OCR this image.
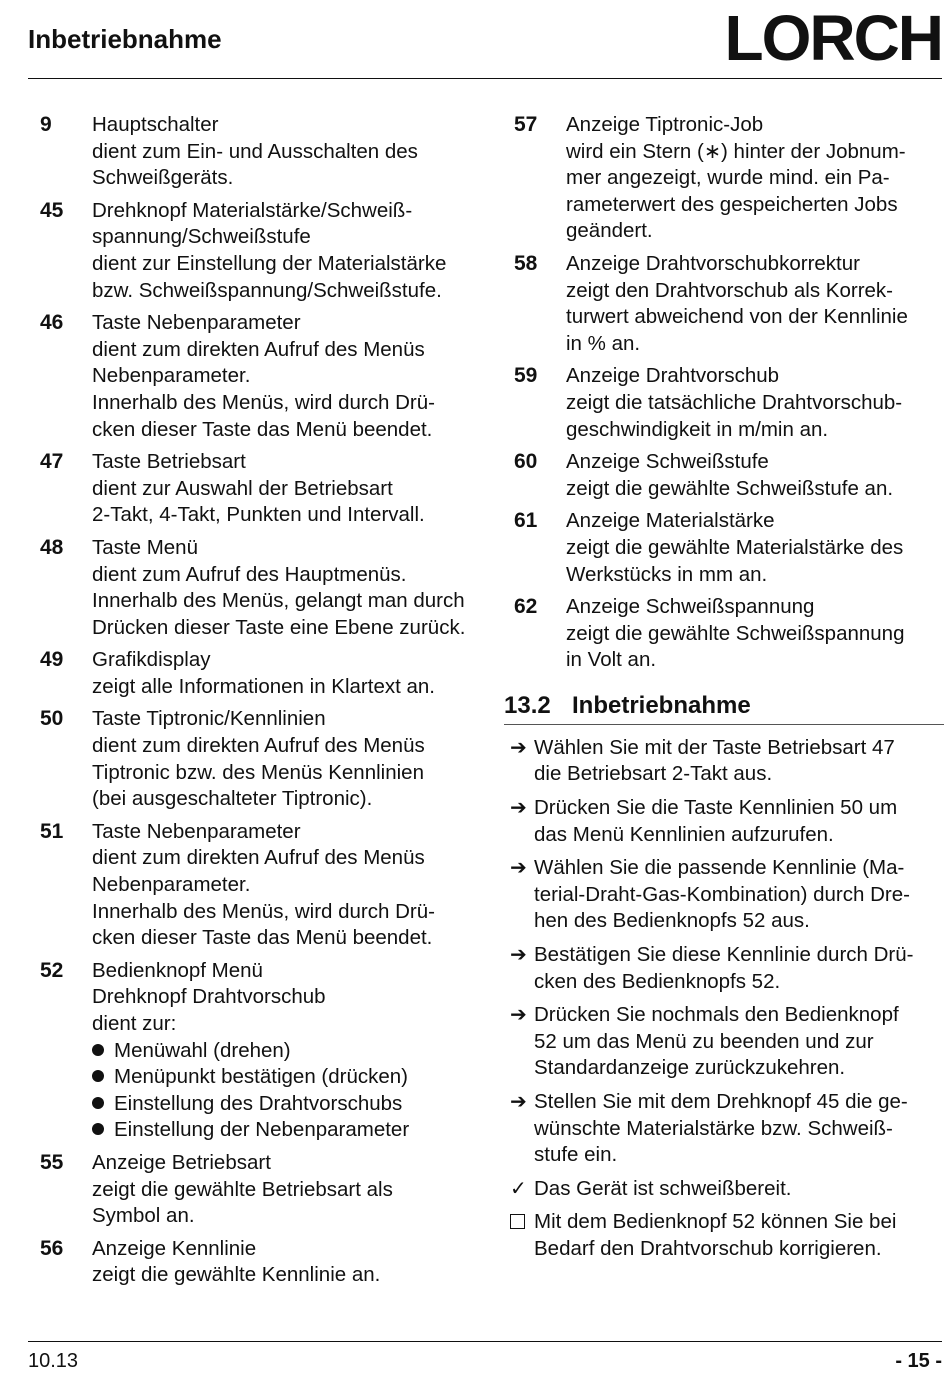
Inbetriebnahme	LORCH
9	Hauptschalter
dient zum Ein- und Ausschalten des
Schweißgeräts.
45	Drehknopf Materialstärke/Schweiß-
spannung/Schweißstufe
dient zur Einstellung der Materialstärke
bzw. Schweißspannung/Schweißstufe.
46	Taste Nebenparameter
dient zum direkten Aufruf des Menüs
Nebenparameter.
Innerhalb des Menüs, wird durch Drü-
cken dieser Taste das Menü beendet.
47	Taste Betriebsart
dient zur Auswahl der Betriebsart
2-Takt, 4-Takt, Punkten und Intervall.
48	Taste Menü
dient zum Aufruf des Hauptmenüs.
Innerhalb des Menüs, gelangt man durch
Drücken dieser Taste eine Ebene zurück.
49	Grafikdisplay
zeigt alle Informationen in Klartext an.
50	Taste Tiptronic/Kennlinien
dient zum direkten Aufruf des Menüs
Tiptronic bzw. des Menüs Kennlinien
(bei ausgeschalteter Tiptronic).
51	Taste Nebenparameter
dient zum direkten Aufruf des Menüs
Nebenparameter.
Innerhalb des Menüs, wird durch Drü-
cken dieser Taste das Menü beendet.
52	Bedienknopf Menü
Drehknopf Drahtvorschub
dient zur:
Menüwahl (drehen)
Menüpunkt bestätigen (drücken)
Einstellung des Drahtvorschubs
Einstellung der Nebenparameter
55	Anzeige Betriebsart
zeigt die gewählte Betriebsart als
Symbol an.
56	Anzeige Kennlinie
zeigt die gewählte Kennlinie an.
57	Anzeige Tiptronic-Job
wird ein Stern (∗) hinter der Jobnum-
mer angezeigt, wurde mind. ein Pa-
rameterwert des gespeicherten Jobs
geändert.
58	Anzeige Drahtvorschubkorrektur
zeigt den Drahtvorschub als Korrek-
turwert abweichend von der Kennlinie
in % an.
59	Anzeige Drahtvorschub
zeigt die tatsächliche Drahtvorschub-
geschwindigkeit in m/min an.
60	Anzeige Schweißstufe
zeigt die gewählte Schweißstufe an.
61	Anzeige Materialstärke
zeigt die gewählte Materialstärke des
Werkstücks in mm an.
62	Anzeige Schweißspannung
zeigt die gewählte Schweißspannung
in Volt an.
13.2 Inbetriebnahme
➔ Wählen Sie mit der Taste Betriebsart 47
die Betriebsart 2-Takt aus.
➔ Drücken Sie die Taste Kennlinien 50 um
das Menü Kennlinien aufzurufen.
➔ Wählen Sie die passende Kennlinie (Ma-
terial-Draht-Gas-Kombination) durch Dre-
hen des Bedienknopfs 52 aus.
➔ Bestätigen Sie diese Kennlinie durch Drü-
cken des Bedienknopfs 52.
➔ Drücken Sie nochmals den Bedienknopf
52 um das Menü zu beenden und zur
Standardanzeige zurückzukehren.
➔ Stellen Sie mit dem Drehknopf 45 die ge-
wünschte Materialstärke bzw. Schweiß-
stufe ein.
✓ Das Gerät ist schweißbereit.
Mit dem Bedienknopf 52 können Sie bei
Bedarf den Drahtvorschub korrigieren.
10.13	- 15 -
